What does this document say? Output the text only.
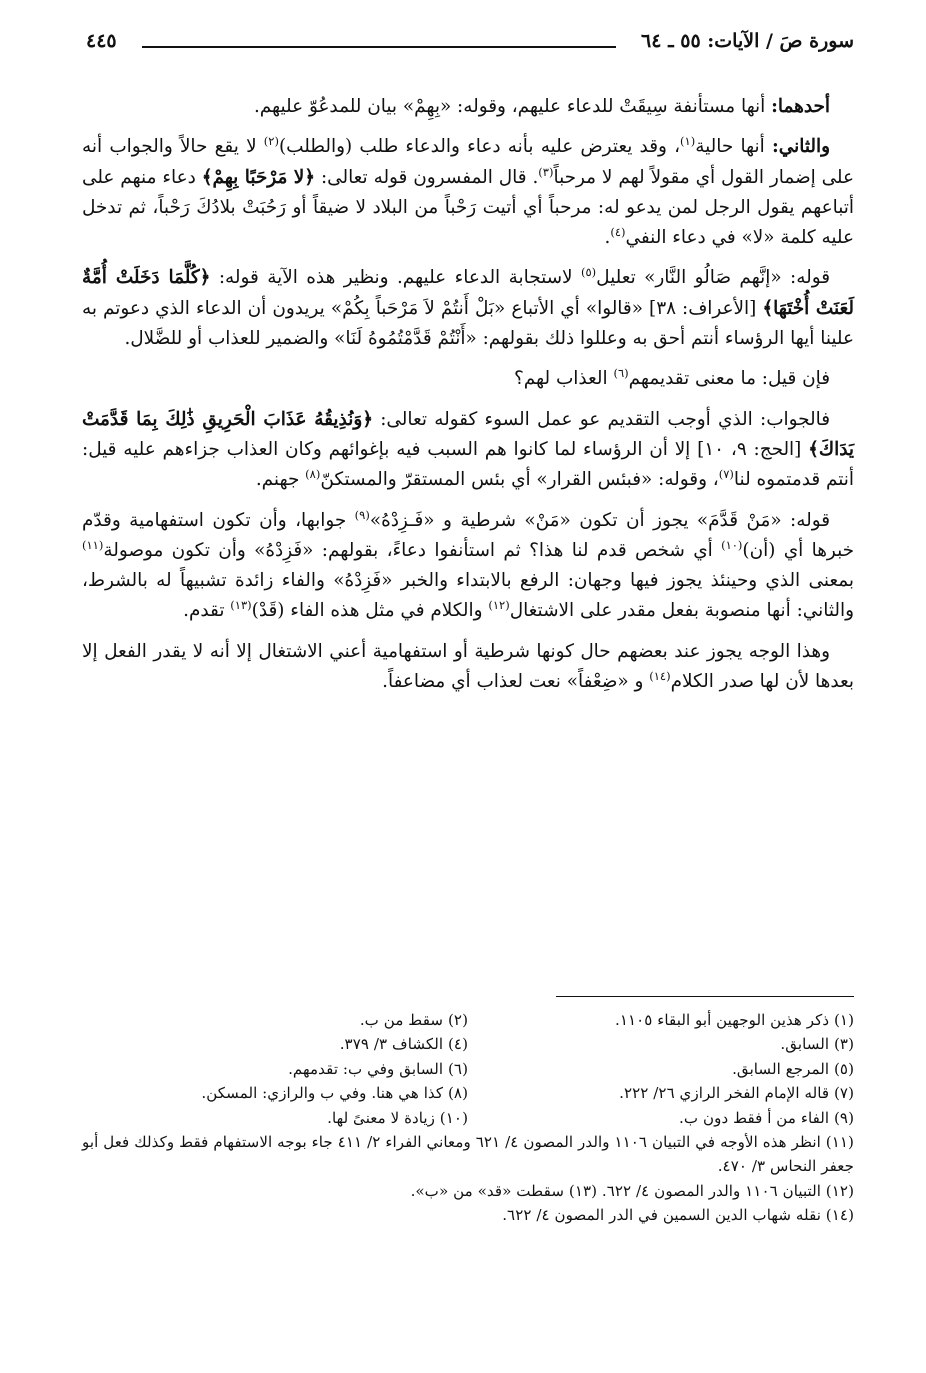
سورة صَ / الآيات: ٥٥ ـ ٦٤
٤٤٥

أحدهما: أنها مستأنفة سِيقَتْ للدعاء عليهم، وقوله: «بِهِمْ» بيان للمدعُوّ عليهم.

والثاني: أنها حالية$^{(١)}$، وقد يعترض عليه بأنه دعاء والدعاء طلب (والطلب)$^{(٢)}$ لا يقع حالاً والجواب أنه على إضمار القول أي مقولاً لهم لا مرحباً$^{(٣)}$. قال المفسرون قوله تعالى: ﴿لا مَرْحَبًا بِهِمْ﴾ دعاء منهم على أتباعهم يقول الرجل لمن يدعو له: مرحباً أي أتيت رَحْباً من البلاد لا ضيقاً أو رَحُبَتْ بلادُكَ رَحْباً، ثم تدخل عليه كلمة «لا» في دعاء النفي$^{(٤)}$.

قوله: «إنَّهم صَالُو النَّار» تعليل$^{(٥)}$ لاستجابة الدعاء عليهم. ونظير هذه الآية قوله: ﴿كُلَّمَا دَخَلَتْ أُمَّةٌ لَعَنَتْ أُخْتَهَا﴾ [الأعراف: ٣٨] «قالوا» أي الأتباع «بَلْ أَنتُمْ لاَ مَرْحَباً بِكُمْ» يريدون أن الدعاء الذي دعوتم به علينا أيها الرؤساء أنتم أحق به وعللوا ذلك بقولهم: «أَنْتُمْ قَدَّمْتُمُوهُ لَنَا» والضمير للعذاب أو للضَّلال.

فإن قيل: ما معنى تقديمهم$^{(٦)}$ العذاب لهم؟

فالجواب: الذي أوجب التقديم عو عمل السوء كقوله تعالى: ﴿وَنُذِيقُهُ عَذَابَ الْحَرِيقِ ذَٰلِكَ بِمَا قَدَّمَتْ يَدَاكَ﴾ [الحج: ٩، ١٠] إلا أن الرؤساء لما كانوا هم السبب فيه بإغوائهم وكان العذاب جزاءهم عليه قيل: أنتم قدمتموه لنا$^{(٧)}$، وقوله: «فبئس القرار» أي بئس المستقرّ والمستكنّ$^{(٨)}$ جهنم.

قوله: «مَنْ قَدَّمَ» يجوز أن تكون «مَنْ» شرطية و «فَـزِدْهُ»$^{(٩)}$ جوابها، وأن تكون استفهامية وقدّم خبرها أي (أن)$^{(١٠)}$ أي شخص قدم لنا هذا؟ ثم استأنفوا دعاءً، بقولهم: «فَزِدْهُ» وأن تكون موصولة$^{(١١)}$ بمعنى الذي وحينئذ يجوز فيها وجهان: الرفع بالابتداء والخبر «فَزِدْهُ» والفاء زائدة تشبيهاً له بالشرط، والثاني: أنها منصوبة بفعل مقدر على الاشتغال$^{(١٢)}$ والكلام في مثل هذه الفاء (قَدْ)$^{(١٣)}$ تقدم.

وهذا الوجه يجوز عند بعضهم حال كونها شرطية أو استفهامية أعني الاشتغال إلا أنه لا يقدر الفعل إلا بعدها لأن لها صدر الكلام$^{(١٤)}$ و «ضِعْفاً» نعت لعذاب أي مضاعفاً.

(١) ذكر هذين الوجهين أبو البقاء ١١٠٥.
(٢) سقط من ب.
(٣) السابق.
(٤) الكشاف ٣/ ٣٧٩.
(٥) المرجع السابق.
(٦) السابق وفي ب: تقدمهم.
(٧) قاله الإمام الفخر الرازي ٢٦/ ٢٢٢.
(٨) كذا هي هنا. وفي ب والرازي: المسكن.
(٩) الفاء من أ فقط دون ب.
(١٠) زيادة لا معنىً لها.
(١١) انظر هذه الأوجه في التبيان ١١٠٦ والدر المصون ٤/ ٦٢١ ومعاني الفراء ٢/ ٤١١ جاء بوجه الاستفهام فقط وكذلك فعل أبو جعفر النحاس ٣/ ٤٧٠.
(١٢) التبيان ١١٠٦ والدر المصون ٤/ ٦٢٢. (١٣) سقطت «قد» من «ب».
(١٤) نقله شهاب الدين السمين في الدر المصون ٤/ ٦٢٢.
